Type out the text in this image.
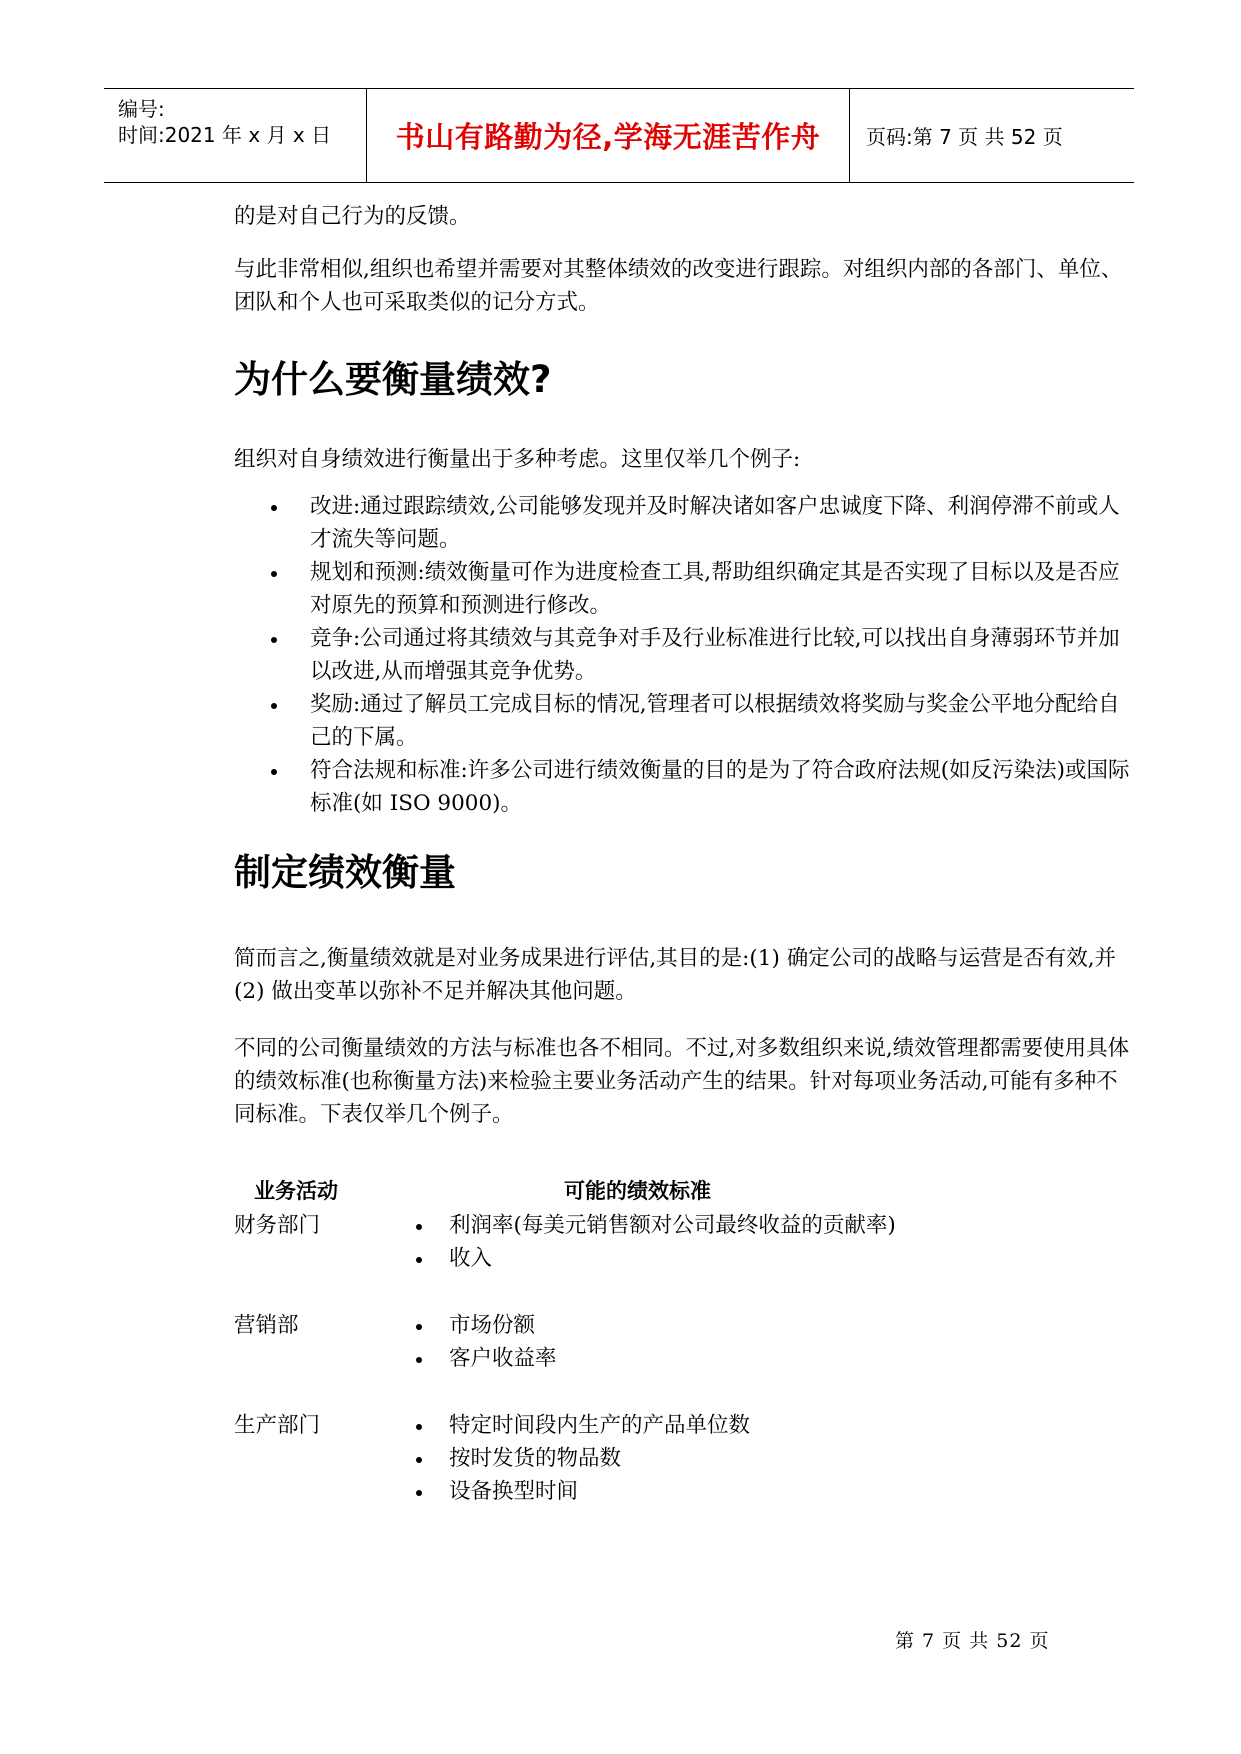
编号:
时间:2021 年 x 月 x 日	书山有路勤为径,学海无涯苦作舟	页码:第 7 页 共 52 页

的是对自己行为的反馈。

与此非常相似,组织也希望并需要对其整体绩效的改变进行跟踪。对组织内部的各部门、单位、团队和个人也可采取类似的记分方式。

为什么要衡量绩效?

组织对自身绩效进行衡量出于多种考虑。这里仅举几个例子:

改进:通过跟踪绩效,公司能够发现并及时解决诸如客户忠诚度下降、利润停滞不前或人才流失等问题。
规划和预测:绩效衡量可作为进度检查工具,帮助组织确定其是否实现了目标以及是否应对原先的预算和预测进行修改。
竞争:公司通过将其绩效与其竞争对手及行业标准进行比较,可以找出自身薄弱环节并加以改进,从而增强其竞争优势。
奖励:通过了解员工完成目标的情况,管理者可以根据绩效将奖励与奖金公平地分配给自己的下属。
符合法规和标准:许多公司进行绩效衡量的目的是为了符合政府法规(如反污染法)或国际标准(如 ISO 9000)。
制定绩效衡量

简而言之,衡量绩效就是对业务成果进行评估,其目的是:(1) 确定公司的战略与运营是否有效,并 (2) 做出变革以弥补不足并解决其他问题。

不同的公司衡量绩效的方法与标准也各不相同。不过,对多数组织来说,绩效管理都需要使用具体的绩效标准(也称衡量方法)来检验主要业务活动产生的结果。针对每项业务活动,可能有多种不同标准。下表仅举几个例子。

业务活动	可能的绩效标准
财务部门	利润率(每美元销售额对公司最终收益的贡献率)
收入
营销部	市场份额
客户收益率
生产部门	特定时间段内生产的产品单位数
按时发货的物品数
设备换型时间
第 7 页 共 52 页
